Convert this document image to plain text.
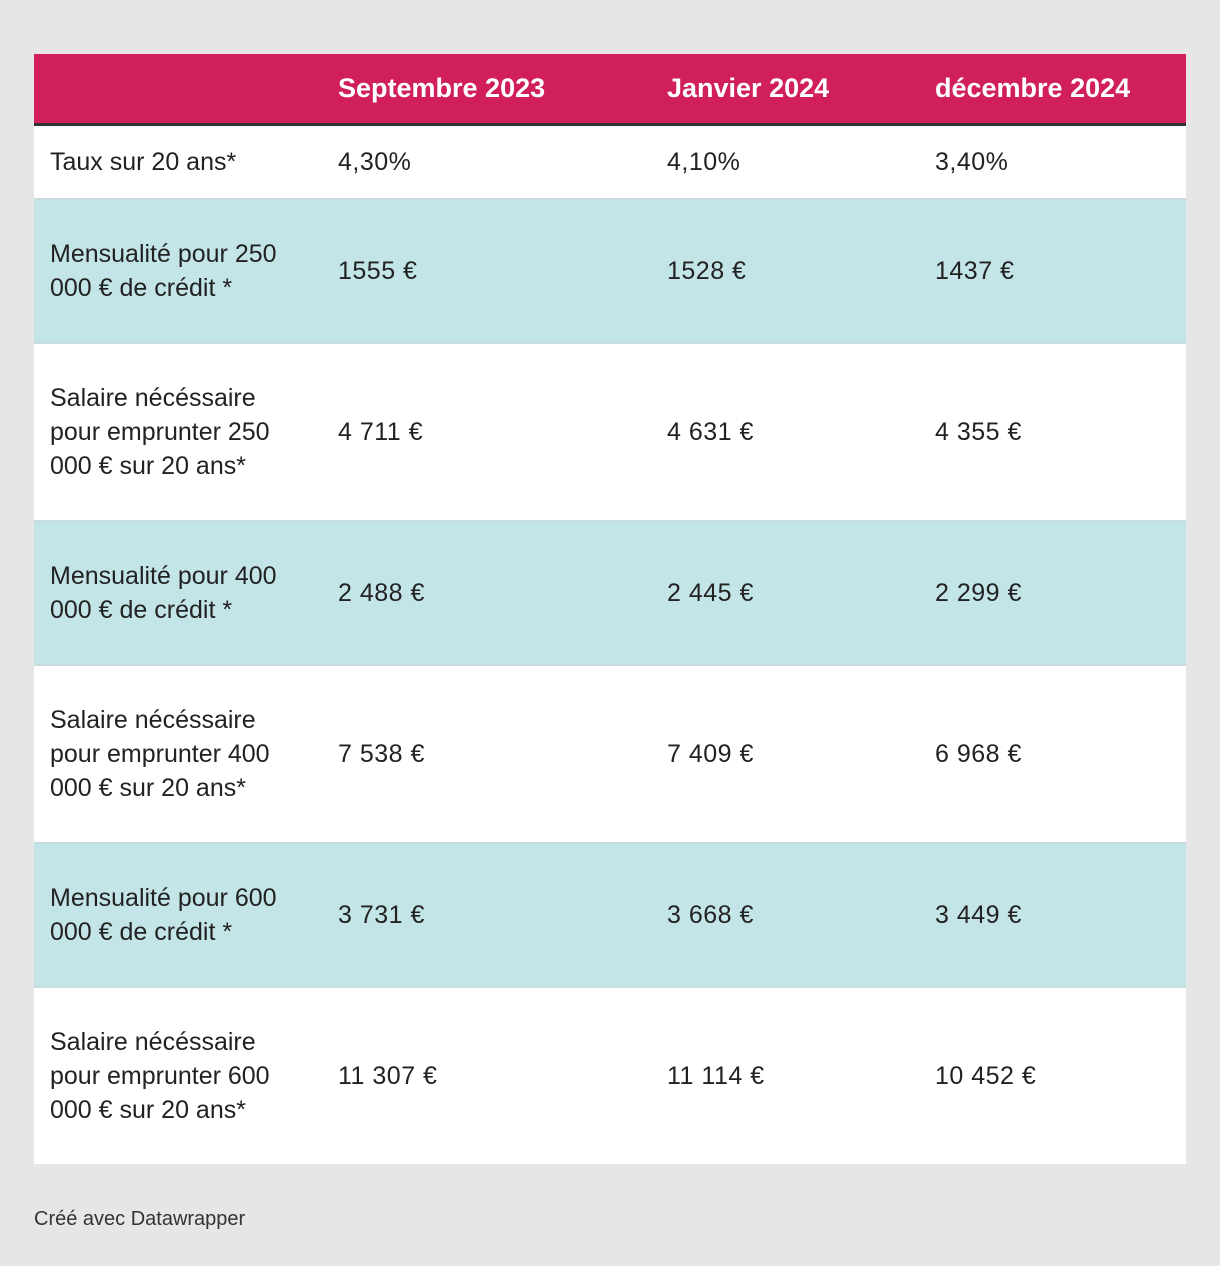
	Septembre 2023	Janvier 2024	décembre 2024
Taux sur 20 ans*	4,30%	4,10%	3,40%
Mensualité pour 250 000 € de crédit *	1555 €	1528 €	1437 €
Salaire nécéssaire pour emprunter 250 000 € sur 20 ans*	4 711 €	4 631 €	4 355 €
Mensualité pour 400 000 € de crédit *	2 488 €	2 445 €	2 299 €
Salaire nécéssaire pour emprunter 400 000 € sur 20 ans*	7 538 €	7 409 €	6 968 €
Mensualité pour 600 000 € de crédit *	3 731 €	3 668 €	3 449 €
Salaire nécéssaire pour emprunter 600 000 € sur 20 ans*	11 307 €	11 114 €	10 452 €
Créé avec Datawrapper
